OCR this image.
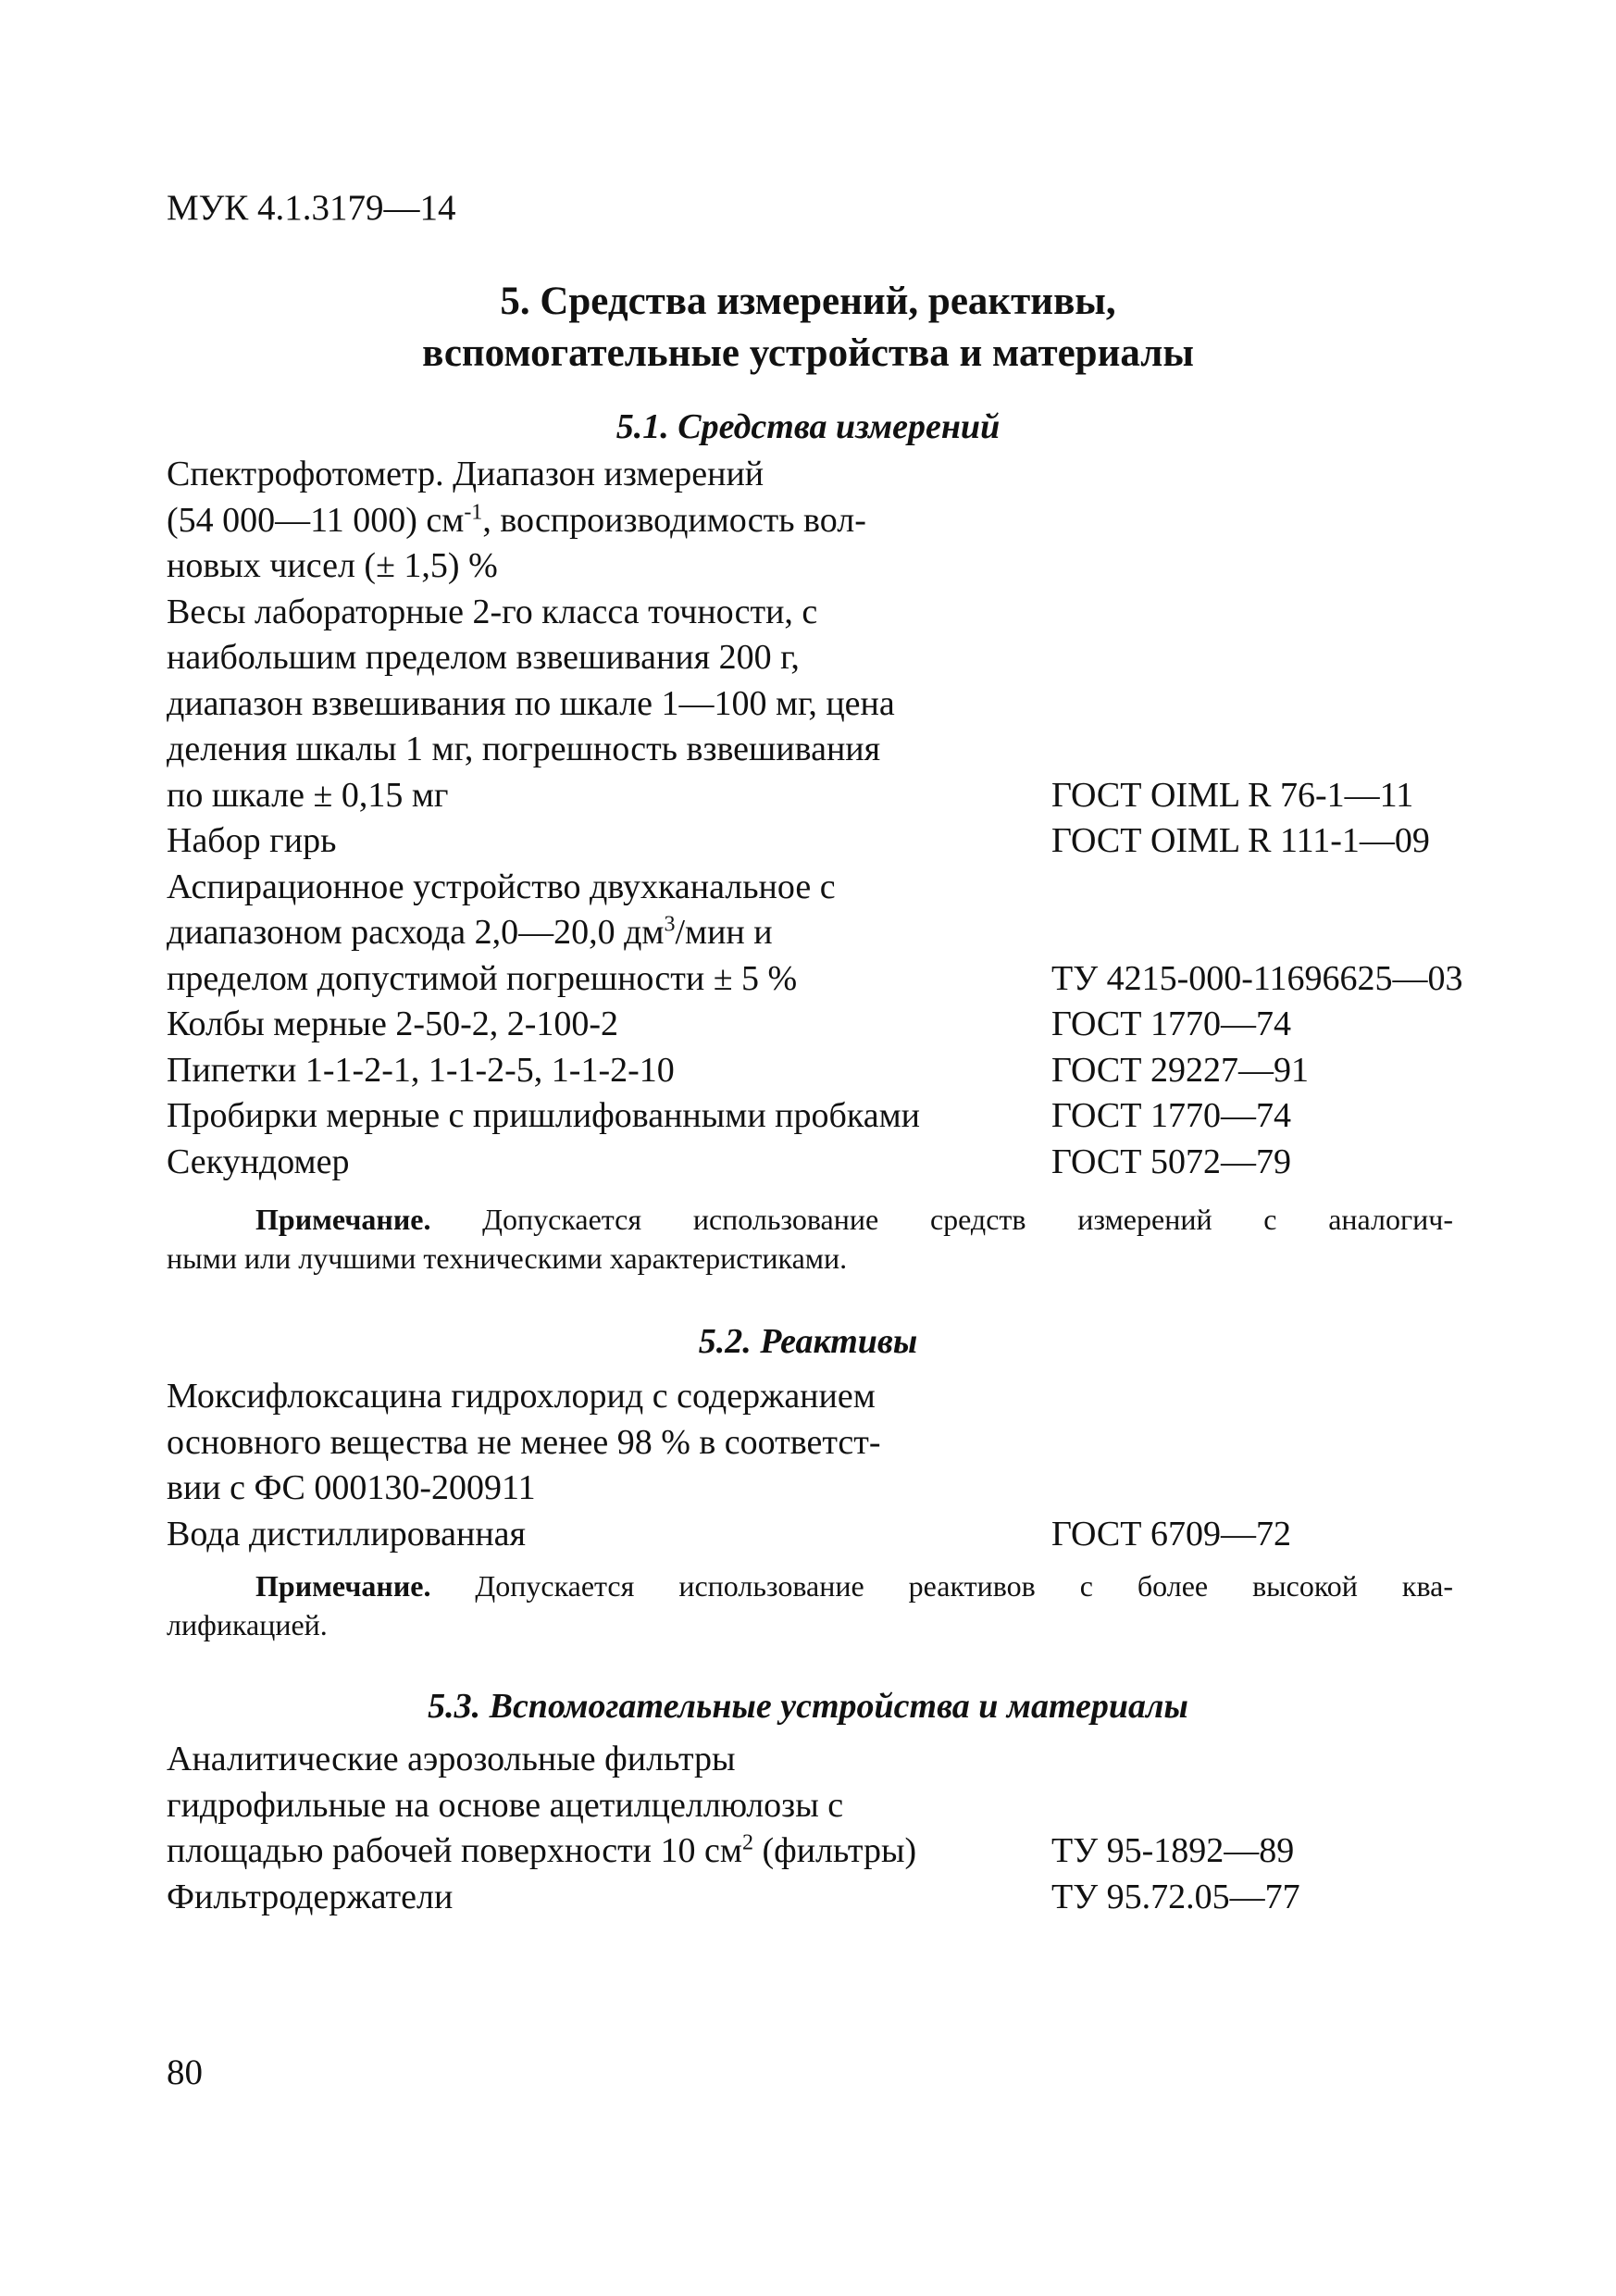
МУК 4.1.3179—14
5. Средства измерений, реактивы,
вспомогательные устройства и материалы
5.1. Средства измерений
Спектрофотометр. Диапазон измерений
(54 000—11 000) $см^{-1}$, воспроизводимость вол-
новых чисел (± 1,5) %
Весы лабораторные 2-го класса точности, с
наибольшим пределом взвешивания 200 г,
диапазон взвешивания по шкале 1—100 мг, цена
деления шкалы 1 мг, погрешность взвешивания
по шкале ± 0,15 мг	ГОСТ OIML R 76-1—11
Набор гирь	ГОСТ OIML R 111-1—09
Аспирационное устройство двухканальное с
диапазоном расхода 2,0—20,0 $дм^3$/мин и
пределом допустимой погрешности ± 5 %	ТУ 4215-000-11696625—03
Колбы мерные 2-50-2, 2-100-2	ГОСТ 1770—74
Пипетки 1-1-2-1, 1-1-2-5, 1-1-2-10	ГОСТ 29227—91
Пробирки мерные с пришлифованными пробками	ГОСТ 1770—74
Секундомер	ГОСТ 5072—79
Примечание. Допускается использование средств измерений с аналогич-
ными или лучшими техническими характеристиками.
5.2. Реактивы
Моксифлоксацина гидрохлорид с содержанием
основного вещества не менее 98 % в соответст-
вии с ФС 000130-200911
Вода дистиллированная	ГОСТ 6709—72
Примечание. Допускается использование реактивов с более высокой ква-
лификацией.
5.3. Вспомогательные устройства и материалы
Аналитические аэрозольные фильтры
гидрофильные на основе ацетилцеллюлозы с
площадью рабочей поверхности 10 $см^2$ (фильтры)	ТУ 95-1892—89
Фильтродержатели	ТУ 95.72.05—77
80
